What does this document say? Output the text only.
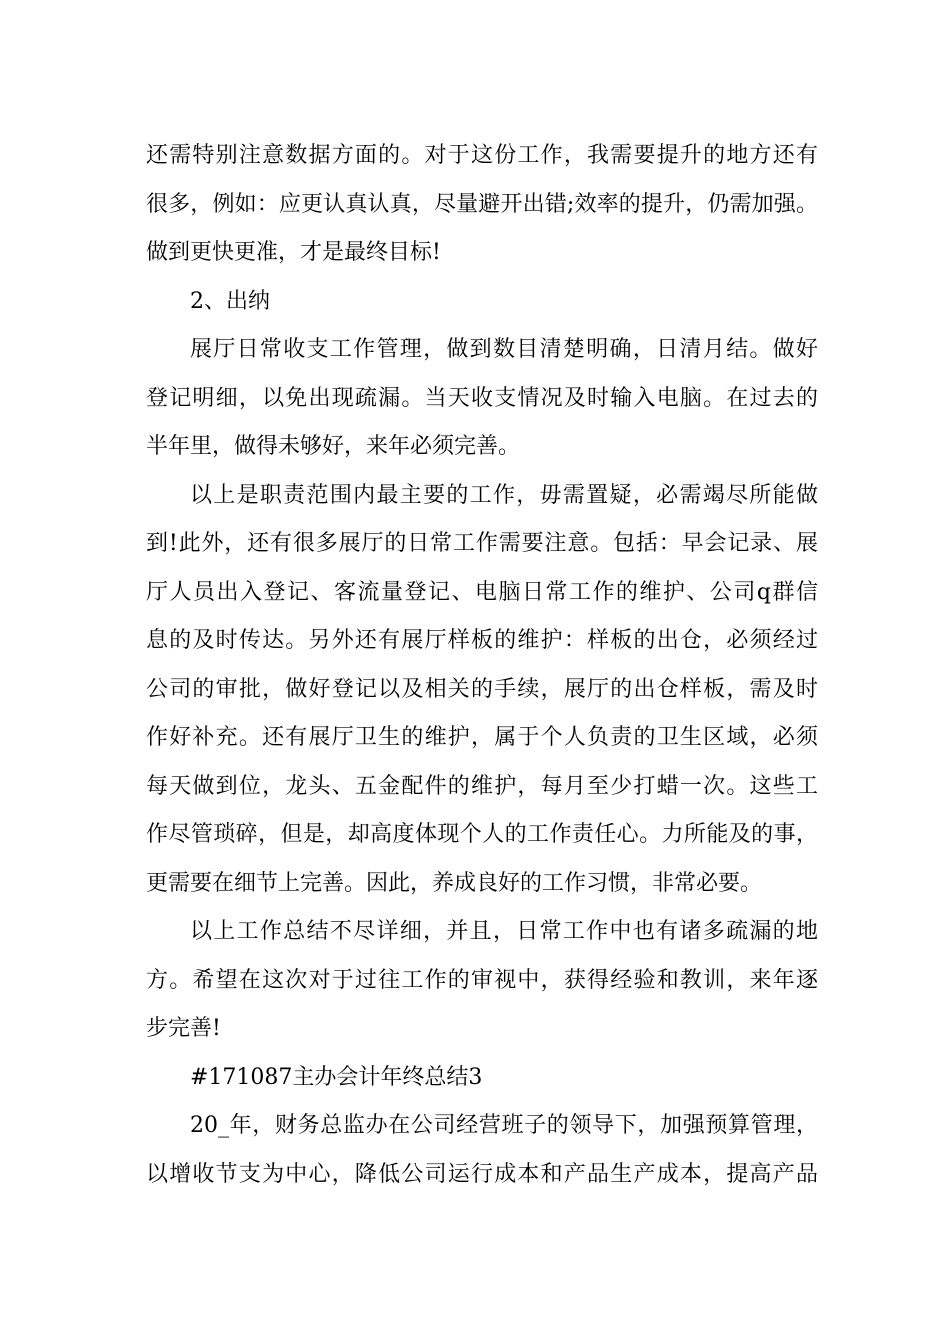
还需特别注意数据方面的。对于这份工作，我需要提升的地方还有
很多，例如：应更认真认真，尽量避开出错;效率的提升，仍需加强。
做到更快更准，才是最终目标!
2、出纳
展厅日常收支工作管理，做到数目清楚明确，日清月结。做好
登记明细，以免出现疏漏。当天收支情况及时输入电脑。在过去的
半年里，做得未够好，来年必须完善。
以上是职责范围内最主要的工作，毋需置疑，必需竭尽所能做
到!此外，还有很多展厅的日常工作需要注意。包括：早会记录、展
厅人员出入登记、客流量登记、电脑日常工作的维护、公司q群信
息的及时传达。另外还有展厅样板的维护：样板的出仓，必须经过
公司的审批，做好登记以及相关的手续，展厅的出仓样板，需及时
作好补充。还有展厅卫生的维护，属于个人负责的卫生区域，必须
每天做到位，龙头、五金配件的维护，每月至少打蜡一次。这些工
作尽管琐碎，但是，却高度体现个人的工作责任心。力所能及的事，
更需要在细节上完善。因此，养成良好的工作习惯，非常必要。
以上工作总结不尽详细，并且，日常工作中也有诸多疏漏的地
方。希望在这次对于过往工作的审视中，获得经验和教训，来年逐
步完善!
#171087主办会计年终总结3
20_年，财务总监办在公司经营班子的领导下，加强预算管理，
以增收节支为中心，降低公司运行成本和产品生产成本，提高产品
